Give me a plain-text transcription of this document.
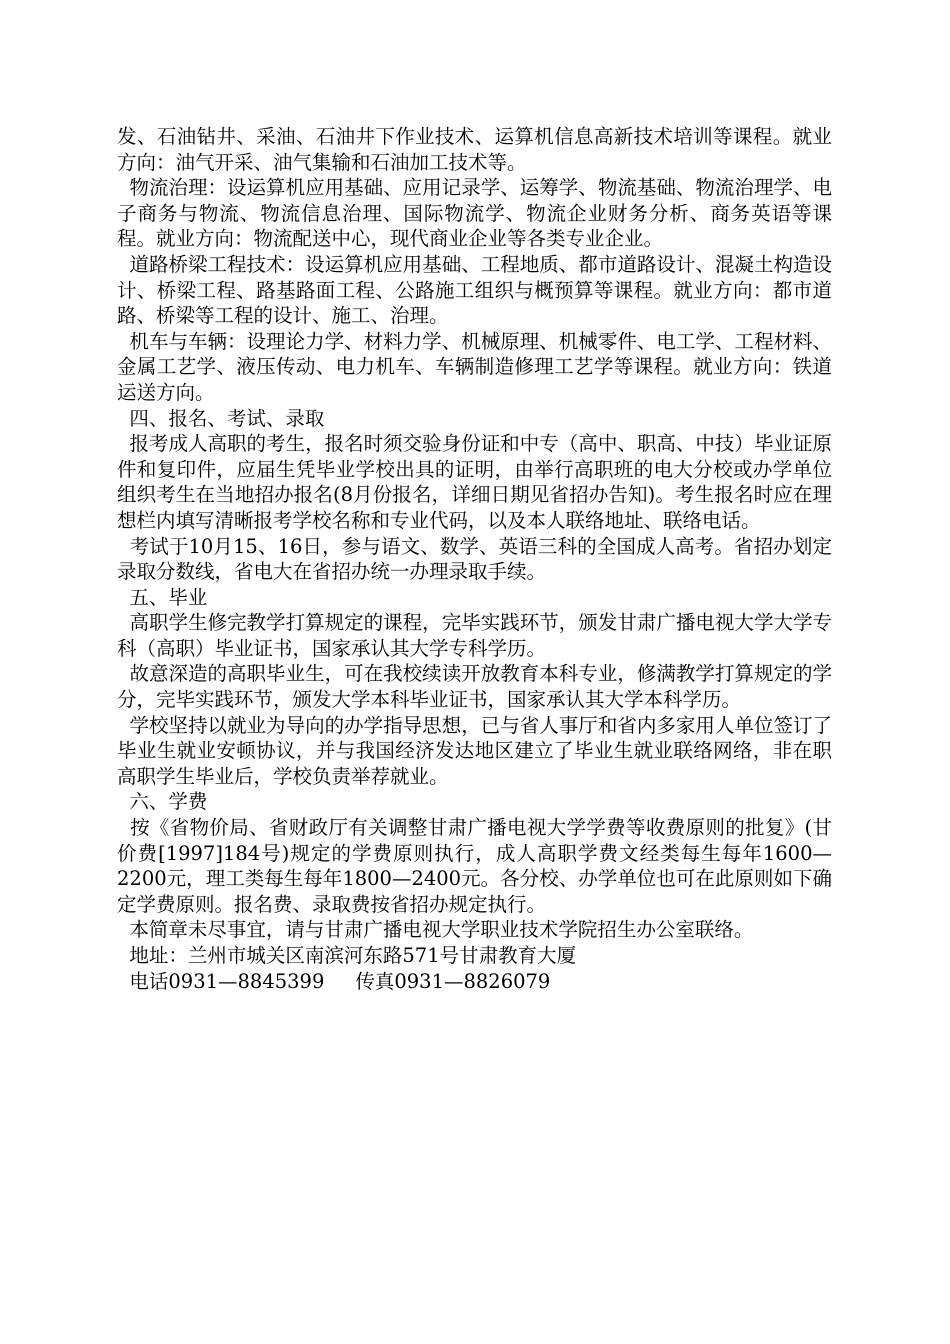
发、石油钻井、采油、石油井下作业技术、运算机信息高新技术培训等课程。就业方向：油气开采、油气集输和石油加工技术等。

物流治理：设运算机应用基础、应用记录学、运筹学、物流基础、物流治理学、电子商务与物流、物流信息治理、国际物流学、物流企业财务分析、商务英语等课程。就业方向：物流配送中心，现代商业企业等各类专业企业。

道路桥梁工程技术：设运算机应用基础、工程地质、都市道路设计、混凝土构造设计、桥梁工程、路基路面工程、公路施工组织与概预算等课程。就业方向：都市道路、桥梁等工程的设计、施工、治理。

机车与车辆：设理论力学、材料力学、机械原理、机械零件、电工学、工程材料、金属工艺学、液压传动、电力机车、车辆制造修理工艺学等课程。就业方向：铁道运送方向。

四、报名、考试、录取

报考成人高职的考生，报名时须交验身份证和中专（高中、职高、中技）毕业证原件和复印件，应届生凭毕业学校出具的证明，由举行高职班的电大分校或办学单位组织考生在当地招办报名(8月份报名，详细日期见省招办告知)。考生报名时应在理想栏内填写清晰报考学校名称和专业代码，以及本人联络地址、联络电话。

考试于10月15、16日，参与语文、数学、英语三科的全国成人高考。省招办划定录取分数线，省电大在省招办统一办理录取手续。

五、毕业

高职学生修完教学打算规定的课程，完毕实践环节，颁发甘肃广播电视大学大学专科（高职）毕业证书，国家承认其大学专科学历。

故意深造的高职毕业生，可在我校续读开放教育本科专业，修满教学打算规定的学分，完毕实践环节，颁发大学本科毕业证书，国家承认其大学本科学历。

学校坚持以就业为导向的办学指导思想，已与省人事厅和省内多家用人单位签订了毕业生就业安顿协议，并与我国经济发达地区建立了毕业生就业联络网络，非在职高职学生毕业后，学校负责举荐就业。

六、学费

按《省物价局、省财政厅有关调整甘肃广播电视大学学费等收费原则的批复》(甘价费[1997]184号)规定的学费原则执行，成人高职学费文经类每生每年1600—2200元，理工类每生每年1800—2400元。各分校、办学单位也可在此原则如下确定学费原则。报名费、录取费按省招办规定执行。

本简章未尽事宜，请与甘肃广播电视大学职业技术学院招生办公室联络。

地址：兰州市城关区南滨河东路571号甘肃教育大厦

电话0931—8845399     传真0931—8826079
